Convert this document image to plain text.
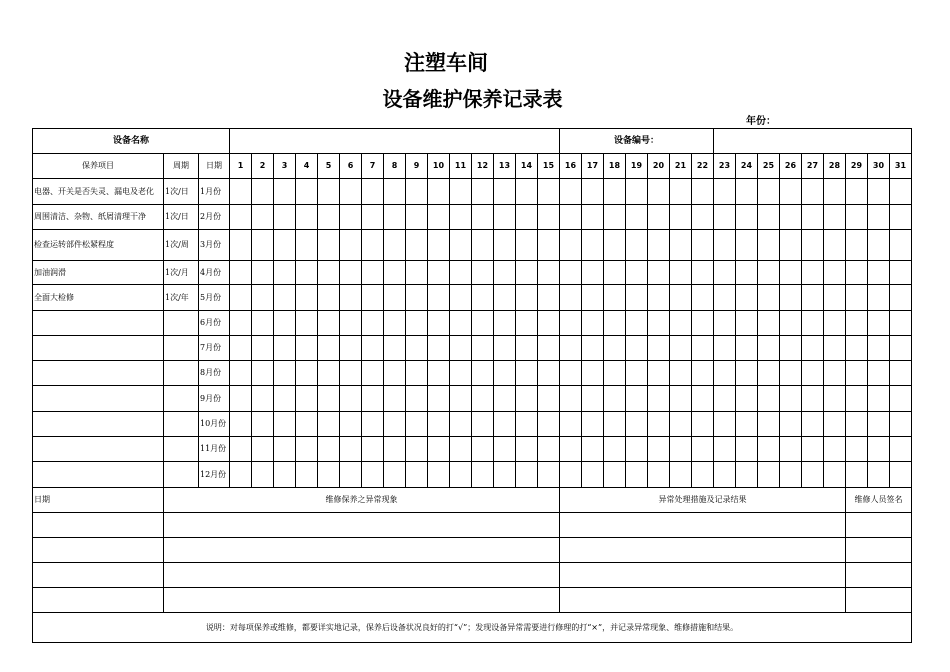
注塑车间
设备维护保养记录表
年份：
设备名称																		设备编号：															
保养项目	周期	日期	1	2	3	4	5	6	7	8	9	10	11	12	13	14	15	16	17	18	19	20	21	22	23	24	25	26	27	28	29	30	31
电器、开关是否失灵、漏电及老化	1次/日	1月份																															
周围清洁、杂物、纸屑清理干净	1次/日	2月份																															
检查运转部件松紧程度	1次/周	3月份																															
加油润滑	1次/月	4月份																															
全面大检修	1次/年	5月份																															
		6月份																															
		7月份																															
		8月份																															
		9月份																															
		10月份																															
		11月份																															
		12月份																															
日期	维修保养之异常现象																	异常处理措施及记录结果													维修人员签名		

说明：对每项保养或维修，都要详实地记录，保养后设备状况良好的打“√”；发现设备异常需要进行修理的打“×”，并记录异常现象、维修措施和结果。																																	
